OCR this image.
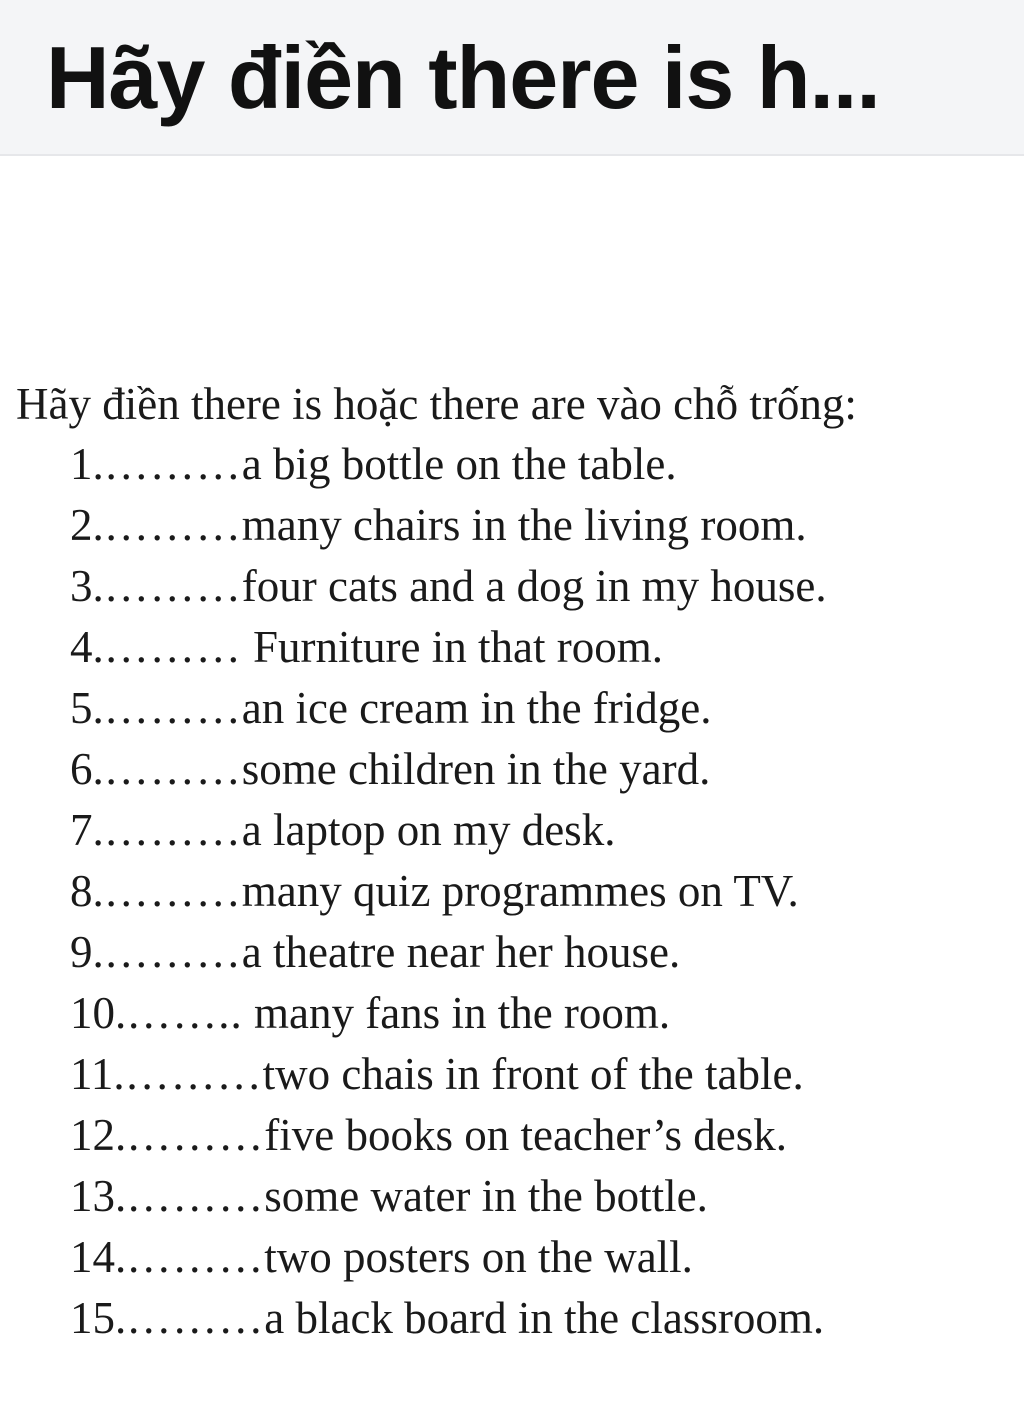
Hãy điền there is h...
Hãy điền there is hoặc there are vào chỗ trống:
1.………a big bottle on the table.
2.………many chairs in the living room.
3.………four cats and a dog in my house.
4.……… Furniture in that room.
5.………an ice cream in the fridge.
6.………some children in the yard.
7.………a laptop on my desk.
8.………many quiz programmes on TV.
9.………a theatre near her house.
10.…….. many fans in the room.
11.………two chais in front of the table.
12.………five books on teacher’s desk.
13.………some water in the bottle.
14.………two posters on the wall.
15.………a black board in the classroom.
